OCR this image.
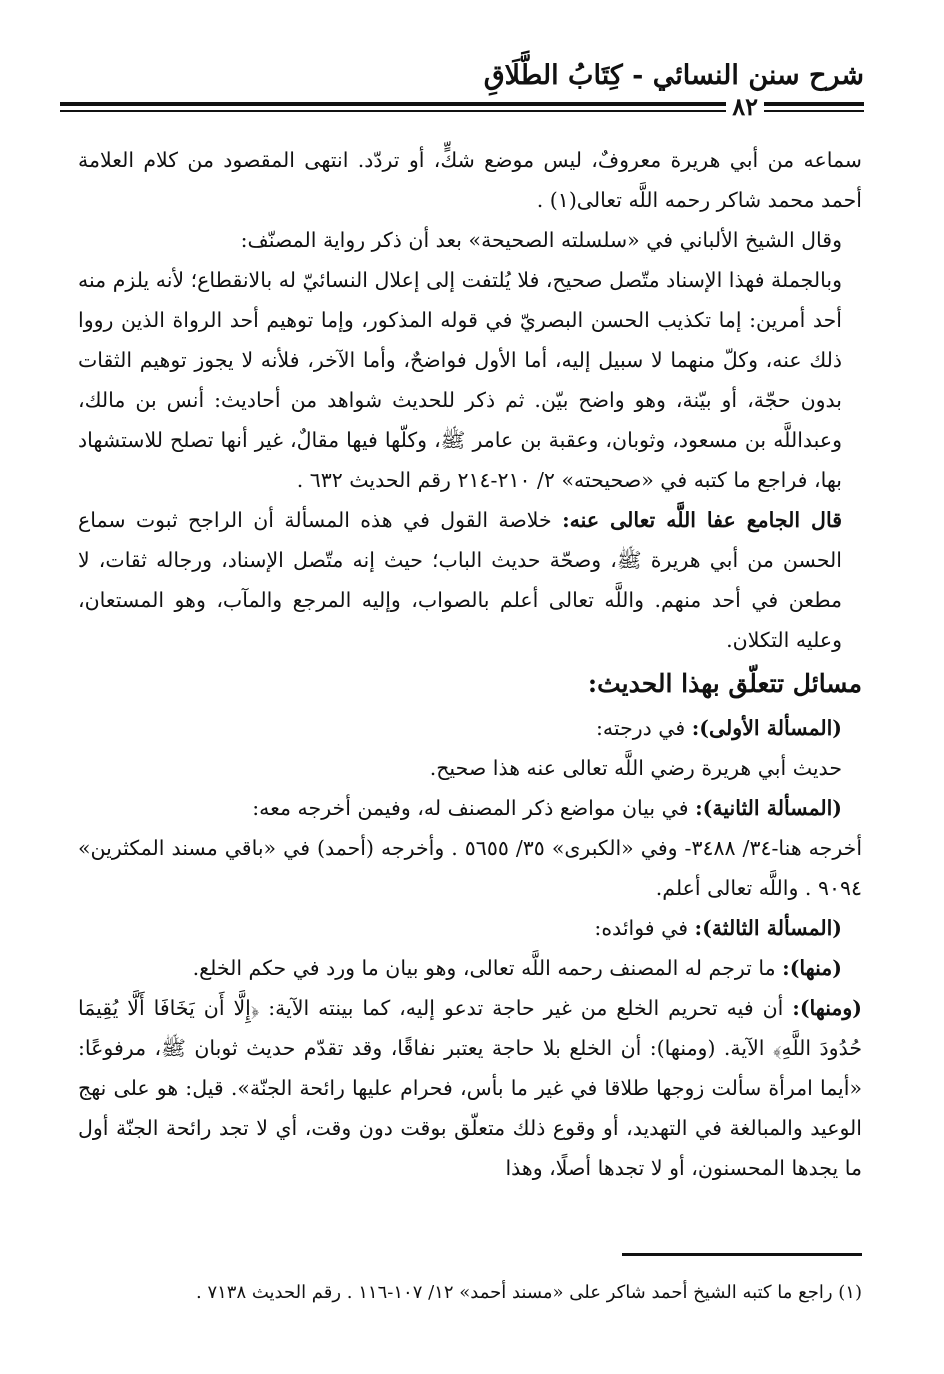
شرح سنن النسائي - كِتَابُ الطَّلَاقِ
٨٢

سماعه من أبي هريرة معروفٌ، ليس موضع شكٍّ، أو تردّد. انتهى المقصود من كلام العلامة أحمد محمد شاكر رحمه اللَّه تعالى(١) .

وقال الشيخ الألباني في «سلسلته الصحيحة» بعد أن ذكر رواية المصنّف:

وبالجملة فهذا الإسناد متّصل صحيح، فلا يُلتفت إلى إعلال النسائيّ له بالانقطاع؛ لأنه يلزم منه أحد أمرين: إما تكذيب الحسن البصريّ في قوله المذكور، وإما توهيم أحد الرواة الذين رووا ذلك عنه، وكلّ منهما لا سبيل إليه، أما الأول فواضحٌ، وأما الآخر، فلأنه لا يجوز توهيم الثقات بدون حجّة، أو بيّنة، وهو واضح بيّن. ثم ذكر للحديث شواهد من أحاديث: أنس بن مالك، وعبداللَّه بن مسعود، وثوبان، وعقبة بن عامر ﷺ، وكلّها فيها مقالٌ، غير أنها تصلح للاستشهاد بها، فراجع ما كتبه في «صحيحته» ٢/ ٢١٠-٢١٤ رقم الحديث ٦٣٢ .

قال الجامع عفا اللَّه تعالى عنه: خلاصة القول في هذه المسألة أن الراجح ثبوت سماع الحسن من أبي هريرة ﷺ، وصحّة حديث الباب؛ حيث إنه متّصل الإسناد، ورجاله ثقات، لا مطعن في أحد منهم. واللَّه تعالى أعلم بالصواب، وإليه المرجع والمآب، وهو المستعان، وعليه التكلان.

مسائل تتعلّق بهذا الحديث:

(المسألة الأولى): في درجته:

حديث أبي هريرة رضي اللَّه تعالى عنه هذا صحيح.

(المسألة الثانية): في بيان مواضع ذكر المصنف له، وفيمن أخرجه معه:

أخرجه هنا-٣٤/ ٣٤٨٨- وفي «الكبرى» ٣٥/ ٥٦٥٥ . وأخرجه (أحمد) في «باقي مسند المكثرين» ٩٠٩٤ . واللَّه تعالى أعلم.

(المسألة الثالثة): في فوائده:

(منها): ما ترجم له المصنف رحمه اللَّه تعالى، وهو بيان ما ورد في حكم الخلع.

(ومنها): أن فيه تحريم الخلع من غير حاجة تدعو إليه، كما بينته الآية: ﴿إِلَّا أَن يَخَافَا أَلَّا يُقِيمَا حُدُودَ اللَّهِ﴾ الآية. (ومنها): أن الخلع بلا حاجة يعتبر نفاقًا، وقد تقدّم حديث ثوبان ﷺ، مرفوعًا: «أيما امرأة سألت زوجها طلاقا في غير ما بأس، فحرام عليها رائحة الجنّة». قيل: هو على نهج الوعيد والمبالغة في التهديد، أو وقوع ذلك متعلّق بوقت دون وقت، أي لا تجد رائحة الجنّة أول ما يجدها المحسنون، أو لا تجدها أصلًا، وهذا

(١) راجع ما كتبه الشيخ أحمد شاكر على «مسند أحمد» ١٢/ ١٠٧-١١٦ . رقم الحديث ٧١٣٨ .
